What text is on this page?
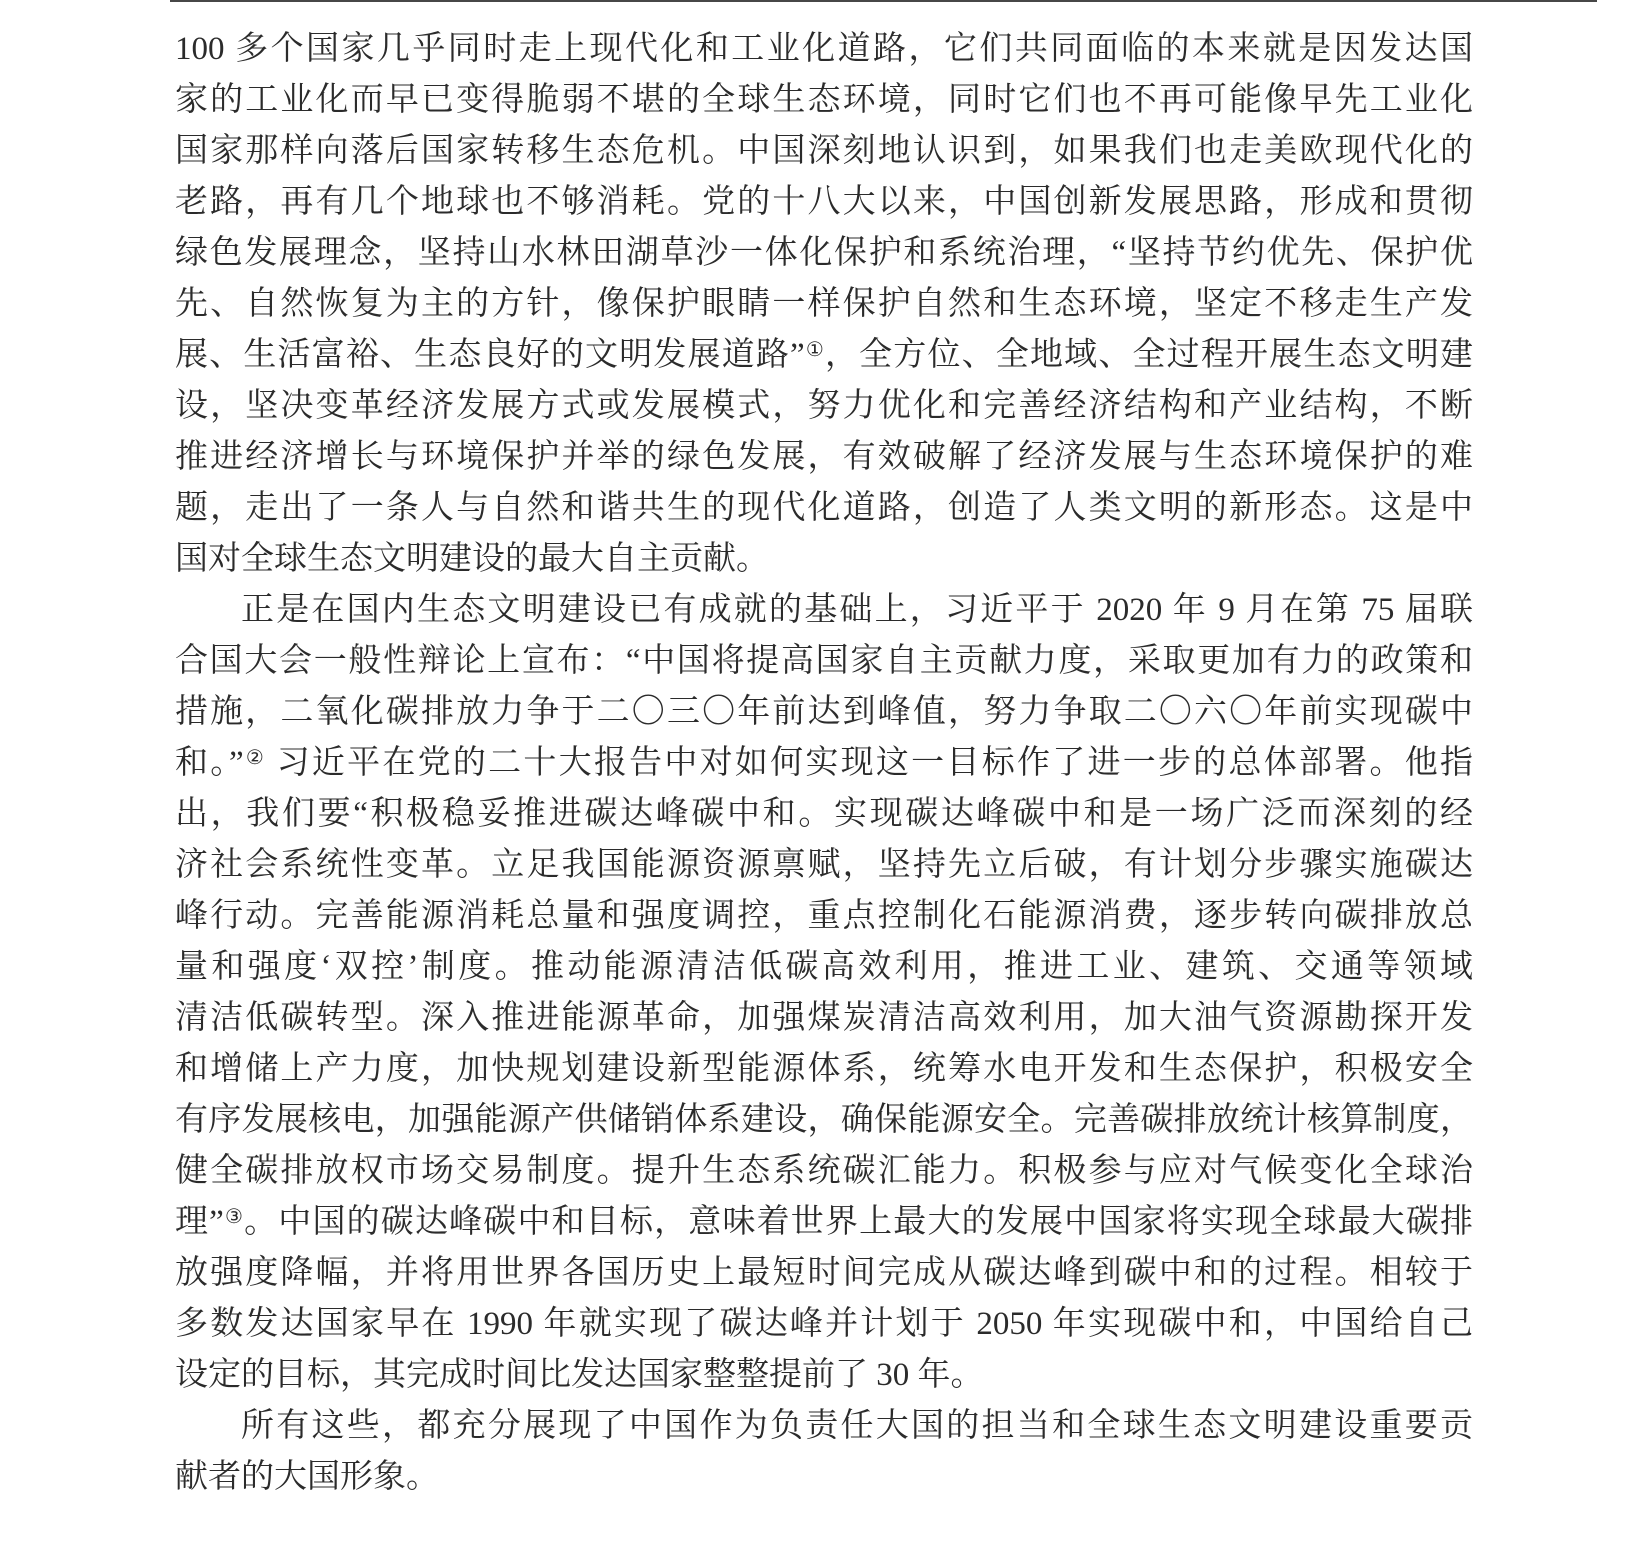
100 多个国家几乎同时走上现代化和工业化道路，它们共同面临的本来就是因发达国
家的工业化而早已变得脆弱不堪的全球生态环境，同时它们也不再可能像早先工业化
国家那样向落后国家转移生态危机。中国深刻地认识到，如果我们也走美欧现代化的
老路，再有几个地球也不够消耗。党的十八大以来，中国创新发展思路，形成和贯彻
绿色发展理念，坚持山水林田湖草沙一体化保护和系统治理，“坚持节约优先、保护优
先、自然恢复为主的方针，像保护眼睛一样保护自然和生态环境，坚定不移走生产发
展、生活富裕、生态良好的文明发展道路”①，全方位、全地域、全过程开展生态文明建
设，坚决变革经济发展方式或发展模式，努力优化和完善经济结构和产业结构，不断
推进经济增长与环境保护并举的绿色发展，有效破解了经济发展与生态环境保护的难
题，走出了一条人与自然和谐共生的现代化道路，创造了人类文明的新形态。这是中
国对全球生态文明建设的最大自主贡献。
正是在国内生态文明建设已有成就的基础上，习近平于 2020 年 9 月在第 75 届联
合国大会一般性辩论上宣布：“中国将提高国家自主贡献力度，采取更加有力的政策和
措施，二氧化碳排放力争于二〇三〇年前达到峰值，努力争取二〇六〇年前实现碳中
和。”② 习近平在党的二十大报告中对如何实现这一目标作了进一步的总体部署。他指
出，我们要“积极稳妥推进碳达峰碳中和。实现碳达峰碳中和是一场广泛而深刻的经
济社会系统性变革。立足我国能源资源禀赋，坚持先立后破，有计划分步骤实施碳达
峰行动。完善能源消耗总量和强度调控，重点控制化石能源消费，逐步转向碳排放总
量和强度‘双控’制度。推动能源清洁低碳高效利用，推进工业、建筑、交通等领域
清洁低碳转型。深入推进能源革命，加强煤炭清洁高效利用，加大油气资源勘探开发
和增储上产力度，加快规划建设新型能源体系，统筹水电开发和生态保护，积极安全
有序发展核电，加强能源产供储销体系建设，确保能源安全。完善碳排放统计核算制度，
健全碳排放权市场交易制度。提升生态系统碳汇能力。积极参与应对气候变化全球治
理”③。中国的碳达峰碳中和目标，意味着世界上最大的发展中国家将实现全球最大碳排
放强度降幅，并将用世界各国历史上最短时间完成从碳达峰到碳中和的过程。相较于
多数发达国家早在 1990 年就实现了碳达峰并计划于 2050 年实现碳中和，中国给自己
设定的目标，其完成时间比发达国家整整提前了 30 年。
所有这些，都充分展现了中国作为负责任大国的担当和全球生态文明建设重要贡
献者的大国形象。
